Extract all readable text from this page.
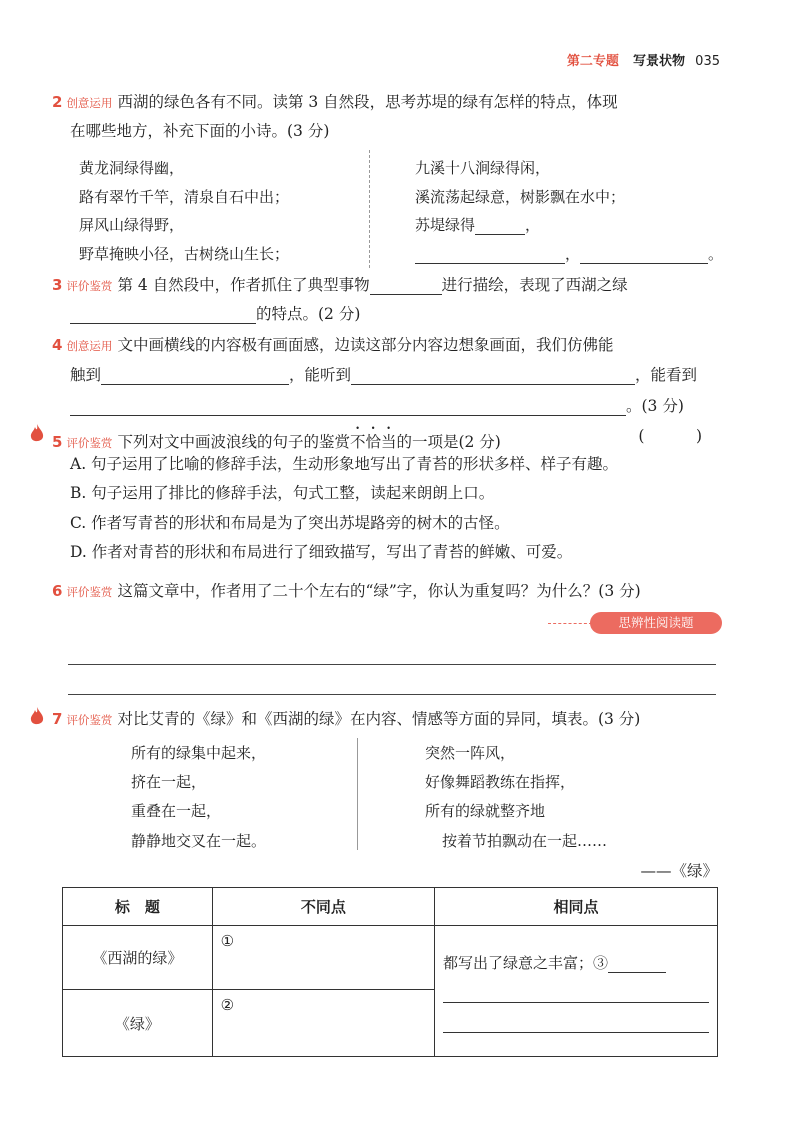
第二专题 写景状物 035
2 创意运用 西湖的绿色各有不同。读第 3 自然段，思考苏堤的绿有怎样的特点，体现
在哪些地方，补充下面的小诗。(3 分)
黄龙洞绿得幽，
路有翠竹千竿，清泉自石中出；
屏风山绿得野，
野草掩映小径，古树绕山生长；
九溪十八涧绿得闲，
溪流荡起绿意，树影飘在水中；
苏堤绿得	，
，	。
3 评价鉴赏 第 4 自然段中，作者抓住了典型事物	进行描绘，表现了西湖之绿
的特点。(2 分)
4 创意运用 文中画横线的内容极有画面感，边读这部分内容边想象画面，我们仿佛能
触到	，能听到	，能看到
。(3 分)
5 评价鉴赏 下列对文中画波浪线的句子的鉴赏不恰当的一项是(2 分)	(　)
A. 句子运用了比喻的修辞手法，生动形象地写出了青苔的形状多样、样子有趣。
B. 句子运用了排比的修辞手法，句式工整，读起来朗朗上口。
C. 作者写青苔的形状和布局是为了突出苏堤路旁的树木的古怪。
D. 作者对青苔的形状和布局进行了细致描写，写出了青苔的鲜嫩、可爱。
6 评价鉴赏 这篇文章中，作者用了二十个左右的“绿”字，你认为重复吗？为什么？(3 分)
思辨性阅读题
7 评价鉴赏 对比艾青的《绿》和《西湖的绿》在内容、情感等方面的异同，填表。(3 分)
所有的绿集中起来，
挤在一起，
重叠在一起，
静静地交叉在一起。
突然一阵风，
好像舞蹈教练在指挥，
所有的绿就整齐地
按着节拍飘动在一起……
——《绿》
标　题	不同点	相同点
《西湖的绿》	①	都写出了绿意之丰富；③

《绿》	②	
